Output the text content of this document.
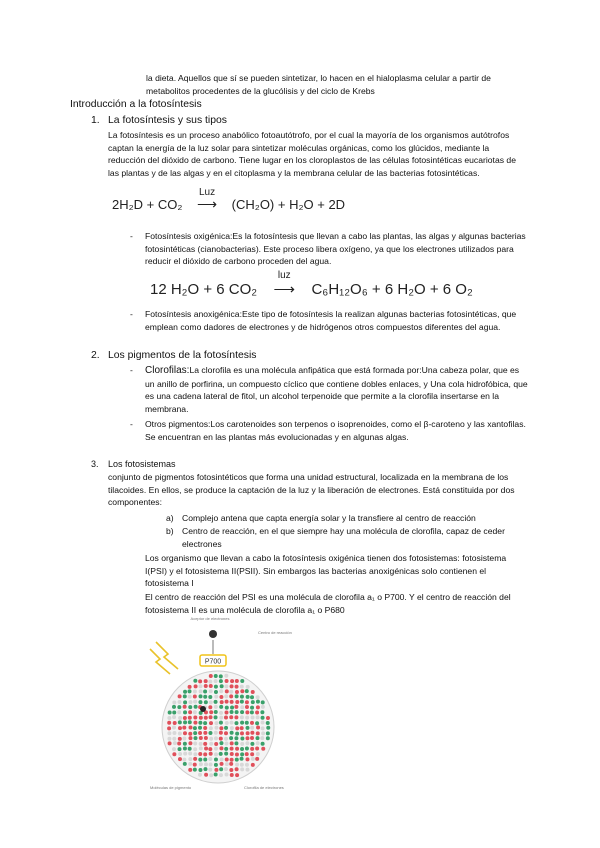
la dieta. Aquellos que sí se pueden sintetizar, lo hacen en el hialoplasma celular a partir de metabolitos procedentes de la glucólisis y del ciclo de Krebs

Introducción a la fotosíntesis

1. La fotosíntesis y sus tipos

La fotosíntesis es un proceso anabólico fotoautótrofo, por el cual la mayoría de los organismos autótrofos captan la energía de la luz solar para sintetizar moléculas orgánicas, como los glúcidos, mediante la reducción del dióxido de carbono. Tiene lugar en los cloroplastos de las células fotosintéticas eucariotas de las plantas y de las algas y en el citoplasma y la membrana celular de las bacterias fotosintéticas.

2H₂D + CO₂
Luz
⟶ (CH₂O) + H₂O + 2D
- Fotosíntesis oxigénica:Es la fotosíntesis que llevan a cabo las plantas, las algas y algunas bacterias fotosintéticas (cianobacterias). Este proceso libera oxígeno, ya que los electrones utilizados para reducir el dióxido de carbono proceden del agua.

12 H₂O + 6 CO₂
luz
⟶ C₆H₁₂O₆ + 6 H₂O + 6 O₂
- Fotosíntesis anoxigénica:Este tipo de fotosíntesis la realizan algunas bacterias fotosintéticas, que emplean como dadores de electrones y de hidrógenos otros compuestos diferentes del agua.

2. Los pigmentos de la fotosíntesis

- Clorofilas:La clorofila es una molécula anfipática que está formada por:Una cabeza polar, que es un anillo de porfirina, un compuesto cíclico que contiene dobles enlaces, y Una cola hidrofóbica, que es una cadena lateral de fitol, un alcohol terpenoide que permite a la clorofila insertarse en la membrana.

- Otros pigmentos:Los carotenoides son terpenos o isoprenoides, como el β-caroteno y las xantofilas. Se encuentran en las plantas más evolucionadas y en algunas algas.

3. Los fotosistemas

conjunto de pigmentos fotosintéticos que forma una unidad estructural, localizada en la membrana de los tilacoides. En ellos, se produce la captación de la luz y la liberación de electrones. Está constituida por dos componentes:

a) Complejo antena que capta energía solar y la transfiere al centro de reacción

b) Centro de reacción, en el que siempre hay una molécula de clorofila, capaz de ceder electrones

Los organismo que llevan a cabo la fotosíntesis oxigénica tienen dos fotosistemas: fotosistema I(PSI) y el fotosistema II(PSII). Sin embargos las bacterias anoxigénicas solo contienen el fotosistema I

El centro de reacción del PSI es una molécula de clorofila a₁ o P700. Y el centro de reacción del fotosistema II es una molécula de clorofila a₁ o P680

P700
Aceptor de electrones
Centro de reacción
Moléculas de pigmento	Clorofila de electrones
